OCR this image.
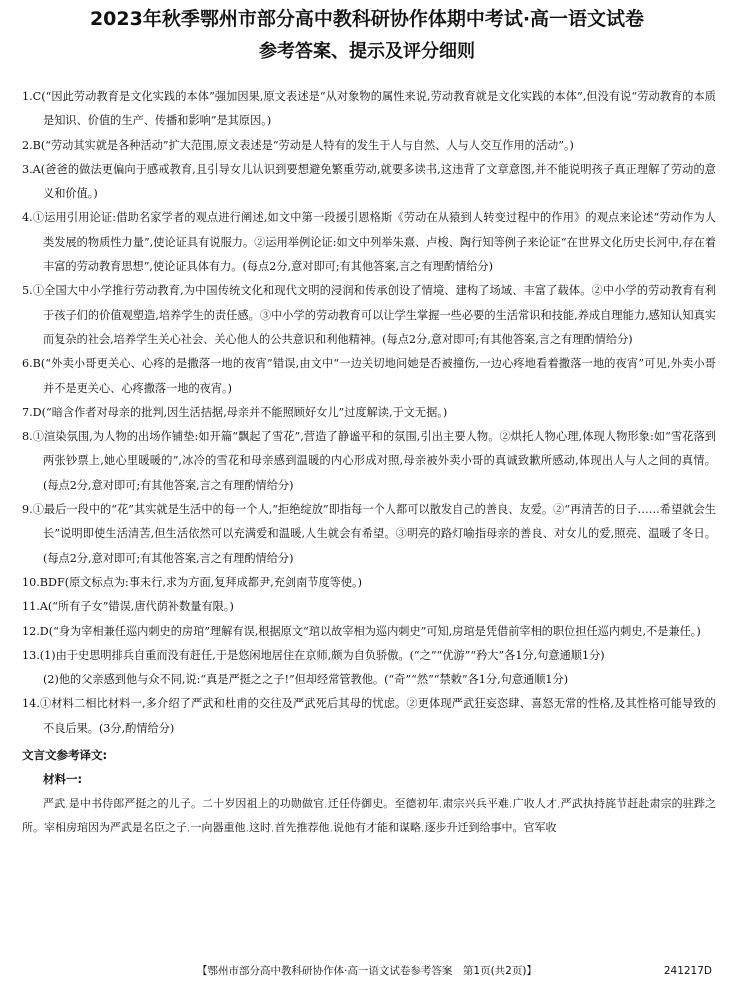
2023年秋季鄂州市部分高中教科研协作体期中考试·高一语文试卷
参考答案、提示及评分细则
1.C(“因此劳动教育是文化实践的本体”强加因果,原文表述是“从对象物的属性来说,劳动教育就是文化实践的本体”,但没有说“劳动教育的本质是知识、价值的生产、传播和影响”是其原因。)
2.B(“劳动其实就是各种活动”扩大范围,原文表述是“劳动是人特有的发生于人与自然、人与人交互作用的活动”。)
3.A(爸爸的做法更偏向于感戒教育,且引导女儿认识到要想避免繁重劳动,就要多读书,这违背了文章意图,并不能说明孩子真正理解了劳动的意义和价值。)
4.①运用引用论证:借助名家学者的观点进行阐述,如文中第一段援引恩格斯《劳动在从猿到人转变过程中的作用》的观点来论述“劳动作为人类发展的物质性力量”,使论证具有说服力。②运用举例论证:如文中列举朱熹、卢梭、陶行知等例子来论证“在世界文化历史长河中,存在着丰富的劳动教育思想”,使论证具体有力。(每点2分,意对即可;有其他答案,言之有理酌情给分)
5.①全国大中小学推行劳动教育,为中国传统文化和现代文明的浸润和传承创设了情境、建构了场域、丰富了载体。②中小学的劳动教育有利于孩子们的价值观塑造,培养学生的责任感。③中小学的劳动教育可以让学生掌握一些必要的生活常识和技能,养成自理能力,感知认知真实而复杂的社会,培养学生关心社会、关心他人的公共意识和利他精神。(每点2分,意对即可;有其他答案,言之有理酌情给分)
6.B(“外卖小哥更关心、心疼的是撒落一地的夜宵”错误,由文中“一边关切地问她是否被撞伤,一边心疼地看着撒落一地的夜宵”可见,外卖小哥并不是更关心、心疼撒落一地的夜宵。)
7.D(“暗含作者对母亲的批判,因生活拮据,母亲并不能照顾好女儿”过度解读,于文无据。)
8.①渲染氛围,为人物的出场作铺垫:如开篇“飘起了雪花”,营造了静谧平和的氛围,引出主要人物。②烘托人物心理,体现人物形象:如“雪花落到两张钞票上,她心里暖暖的”,冰冷的雪花和母亲感到温暖的内心形成对照,母亲被外卖小哥的真诚致歉所感动,体现出人与人之间的真情。(每点2分,意对即可;有其他答案,言之有理酌情给分)
9.①最后一段中的“花”其实就是生活中的每一个人,“拒绝绽放”即指每一个人都可以散发自己的善良、友爱。②“再清苦的日子……希望就会生长”说明即使生活清苦,但生活依然可以充满爱和温暖,人生就会有希望。③明亮的路灯喻指母亲的善良、对女儿的爱,照亮、温暖了冬日。(每点2分,意对即可;有其他答案,言之有理酌情给分)
10.BDF(原文标点为:事未行,求为方面,复拜成都尹,充剑南节度等使。)
11.A(“所有子女”错误,唐代荫补数量有限。)
12.D(“身为宰相兼任巡内刺史的房琯”理解有误,根据原文“琯以故宰相为巡内刺史”可知,房琯是凭借前宰相的职位担任巡内刺史,不是兼任。)
13.(1)由于史思明排兵自重而没有赶任,于是悠闲地居住在京师,颇为自负骄傲。(“之”“优游”“矜大”各1分,句意通顺1分)
(2)他的父亲感到他与众不同,说:“真是严挺之之子!”但却经常管教他。(“奇”“然”“禁敕”各1分,句意通顺1分)
14.①材料二相比材料一,多介绍了严武和杜甫的交往及严武死后其母的忧虑。②更体现严武狂妄恣肆、喜怒无常的性格,及其性格可能导致的不良后果。(3分,酌情给分)
文言文参考译文:
材料一:
严武,是中书侍郎严挺之的儿子。二十岁因祖上的功勋做官,迁任侍御史。至德初年,肃宗兴兵平难,广收人才,严武执持旄节赶赴肃宗的驻跸之所。宰相房琯因为严武是名臣之子,一向器重他,这时,首先推荐他,说他有才能和谋略,逐步升迁到给事中。官军收
【鄂州市部分高中教科研协作体·高一语文试卷参考答案　第1页(共2页)】	241217D
